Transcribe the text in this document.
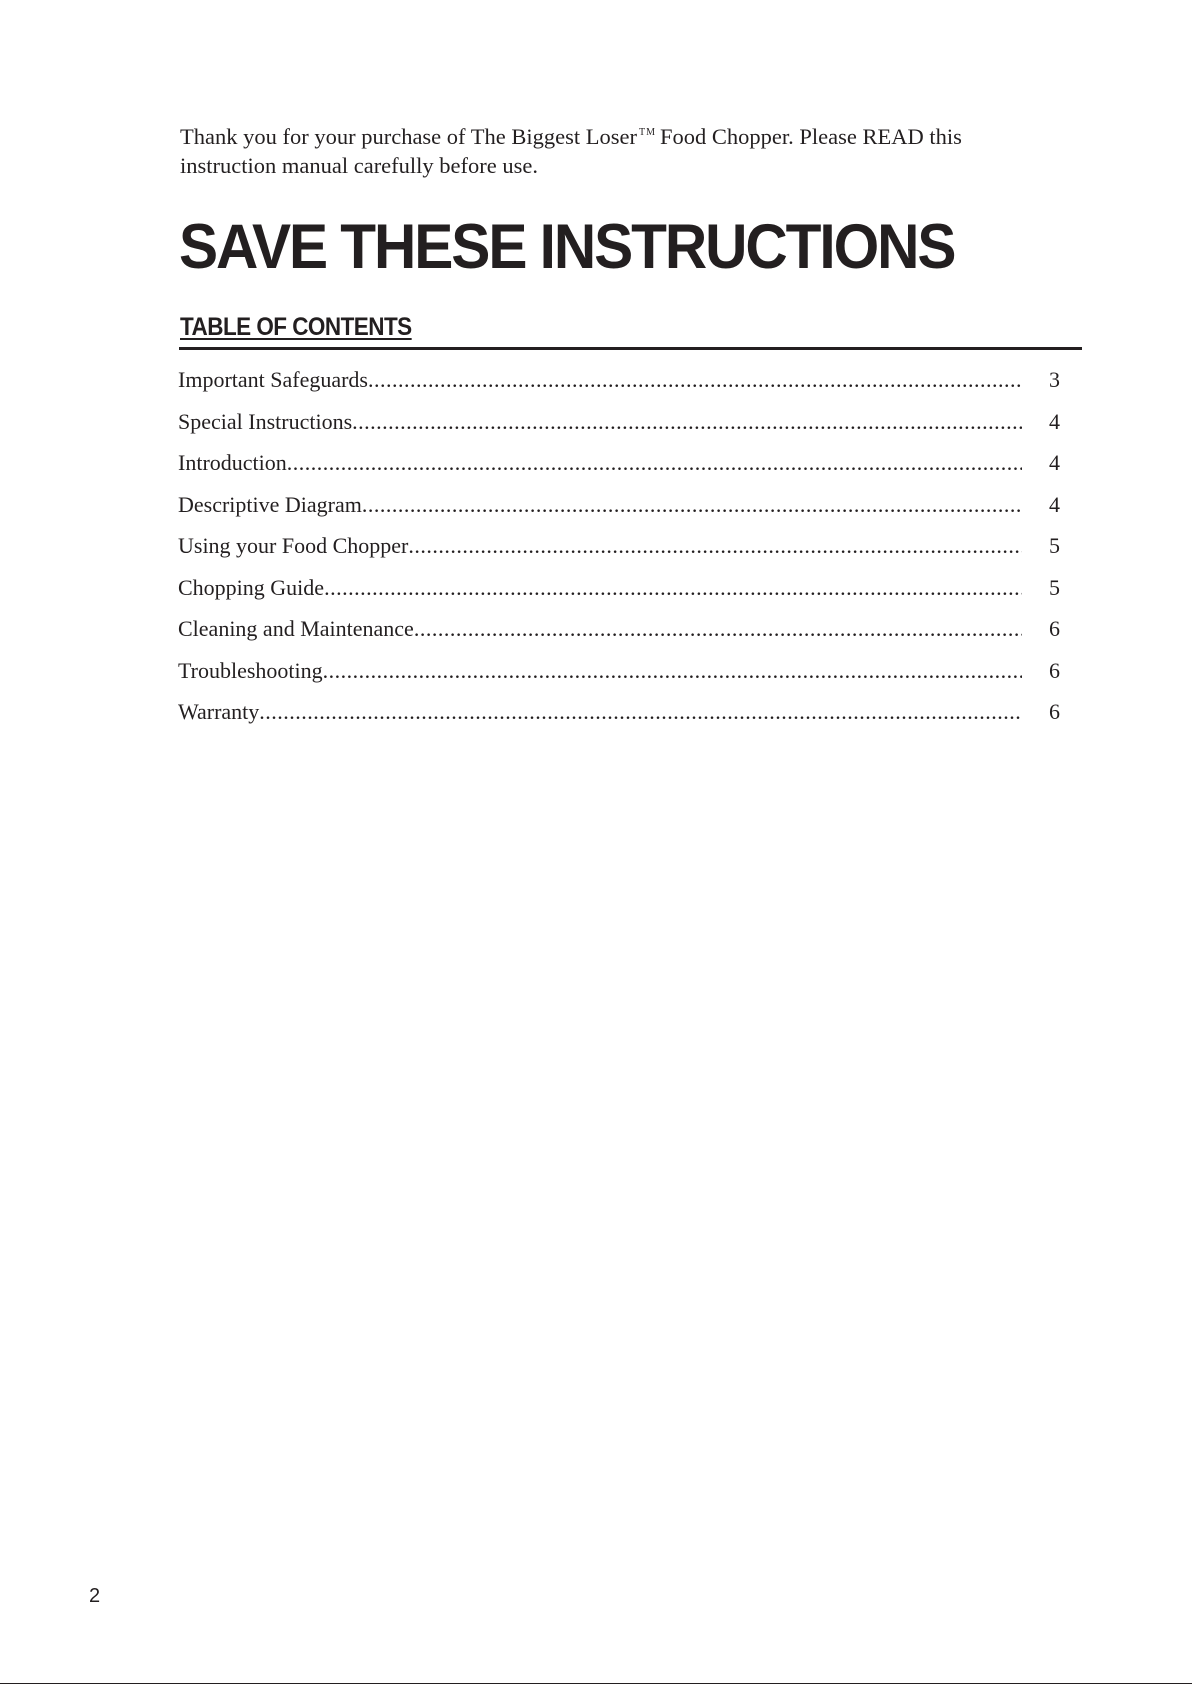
Thank you for your purchase of The Biggest Loser ™ Food Chopper. Please READ this instruction manual carefully before use.

SAVE THESE INSTRUCTIONS
TABLE OF CONTENTS
Important Safeguards .....	3
Special Instructions .....	4
Introduction .....	4
Descriptive Diagram .....	4
Using your Food Chopper .....	5
Chopping Guide .....	5
Cleaning and Maintenance .....	6
Troubleshooting .....	6
Warranty .....	6

2
